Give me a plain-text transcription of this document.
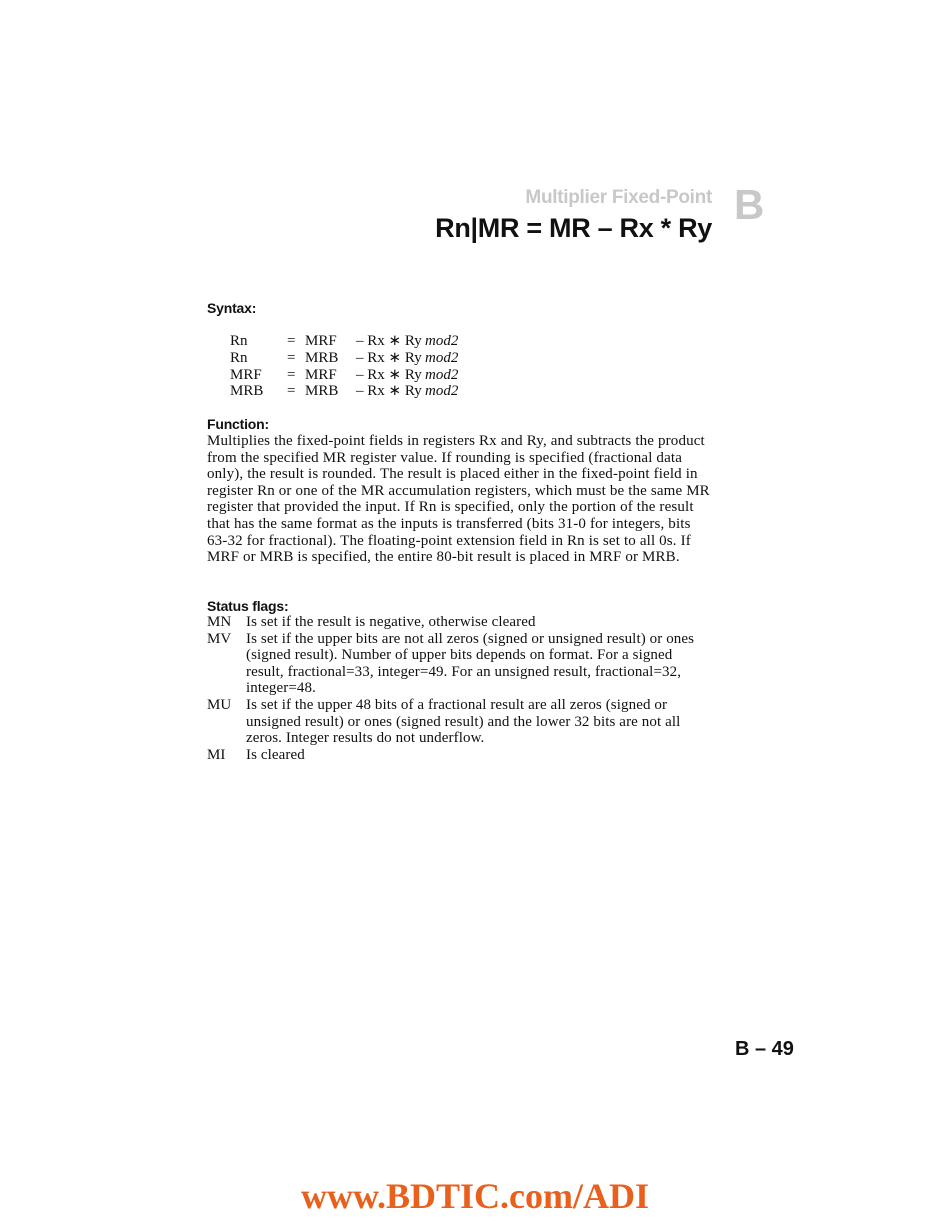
Multiplier Fixed-Point B
Rn|MR = MR – Rx * Ry
Syntax:
Rn	= MRF	– Rx ∗ Ry mod2
Rn	= MRB	– Rx ∗ Ry mod2
MRF	= MRF	– Rx ∗ Ry mod2
MRB	= MRB	– Rx ∗ Ry mod2
Function:
Multiplies the fixed-point fields in registers Rx and Ry, and subtracts the product from the specified MR register value. If rounding is specified (fractional data only), the result is rounded. The result is placed either in the fixed-point field in register Rn or one of the MR accumulation registers, which must be the same MR register that provided the input. If Rn is specified, only the portion of the result that has the same format as the inputs is transferred (bits 31-0 for integers, bits 63-32 for fractional). The floating-point extension field in Rn is set to all 0s. If MRF or MRB is specified, the entire 80-bit result is placed in MRF or MRB.
Status flags:
MN Is set if the result is negative, otherwise cleared
MV Is set if the upper bits are not all zeros (signed or unsigned result) or ones (signed result). Number of upper bits depends on format. For a signed result, fractional=33, integer=49. For an unsigned result, fractional=32, integer=48.
MU Is set if the upper 48 bits of a fractional result are all zeros (signed or unsigned result) or ones (signed result) and the lower 32 bits are not all zeros. Integer results do not underflow.
MI	Is cleared
B – 49
www.BDTIC.com/ADI
